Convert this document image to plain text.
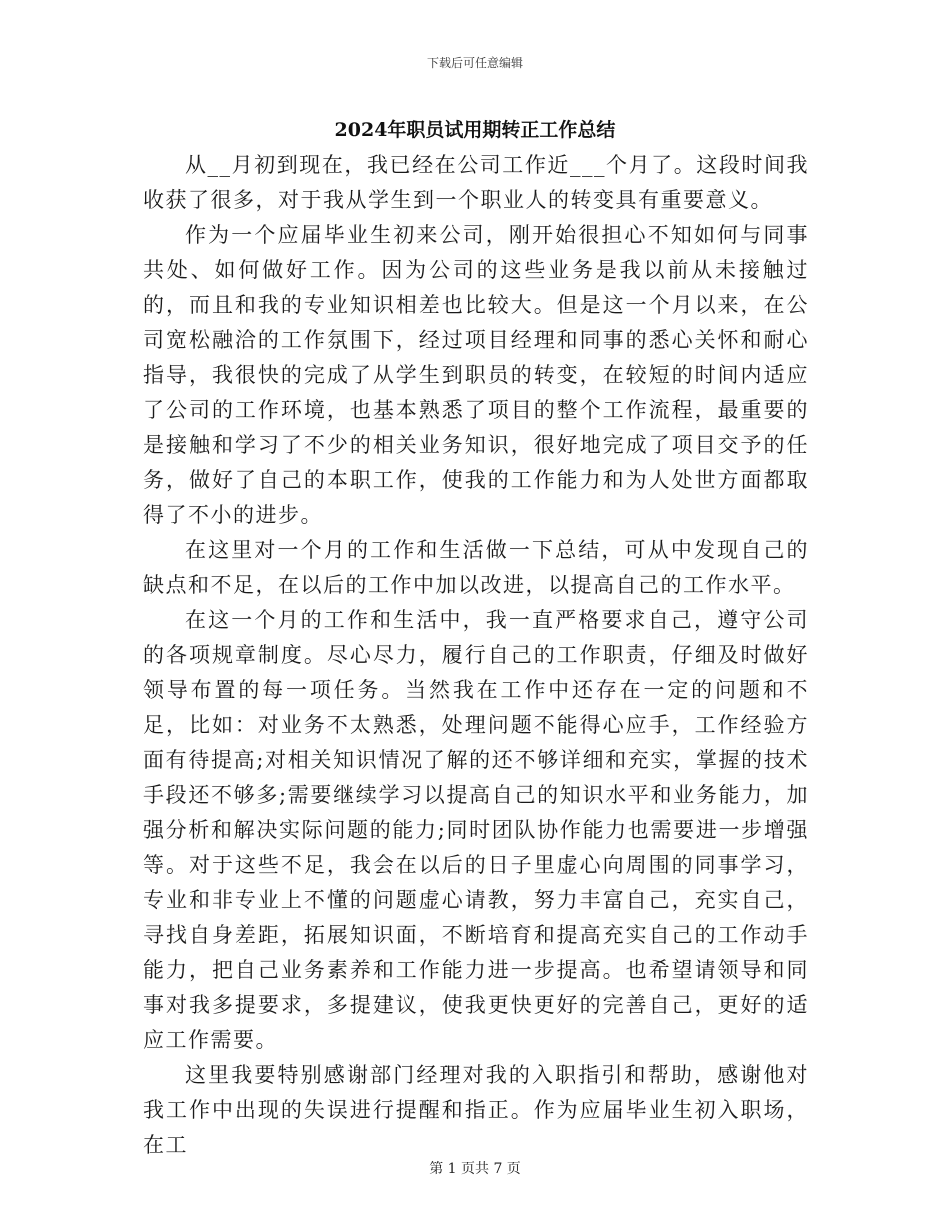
下载后可任意编辑
2024年职员试用期转正工作总结

从__月初到现在，我已经在公司工作近___个月了。这段时间我收获了很多，对于我从学生到一个职业人的转变具有重要意义。

作为一个应届毕业生初来公司，刚开始很担心不知如何与同事共处、如何做好工作。因为公司的这些业务是我以前从未接触过的，而且和我的专业知识相差也比较大。但是这一个月以来，在公司宽松融洽的工作氛围下，经过项目经理和同事的悉心关怀和耐心指导，我很快的完成了从学生到职员的转变，在较短的时间内适应了公司的工作环境，也基本熟悉了项目的整个工作流程，最重要的是接触和学习了不少的相关业务知识，很好地完成了项目交予的任务，做好了自己的本职工作，使我的工作能力和为人处世方面都取得了不小的进步。

在这里对一个月的工作和生活做一下总结，可从中发现自己的缺点和不足，在以后的工作中加以改进，以提高自己的工作水平。

在这一个月的工作和生活中，我一直严格要求自己，遵守公司的各项规章制度。尽心尽力，履行自己的工作职责，仔细及时做好领导布置的每一项任务。当然我在工作中还存在一定的问题和不足，比如：对业务不太熟悉，处理问题不能得心应手，工作经验方面有待提高;对相关知识情况了解的还不够详细和充实，掌握的技术手段还不够多;需要继续学习以提高自己的知识水平和业务能力，加强分析和解决实际问题的能力;同时团队协作能力也需要进一步增强等。对于这些不足，我会在以后的日子里虚心向周围的同事学习，专业和非专业上不懂的问题虚心请教，努力丰富自己，充实自己，寻找自身差距，拓展知识面，不断培育和提高充实自己的工作动手能力，把自己业务素养和工作能力进一步提高。也希望请领导和同事对我多提要求，多提建议，使我更快更好的完善自己，更好的适应工作需要。

这里我要特别感谢部门经理对我的入职指引和帮助，感谢他对我工作中出现的失误进行提醒和指正。作为应届毕业生初入职场，在工

第 1 页共 7 页
